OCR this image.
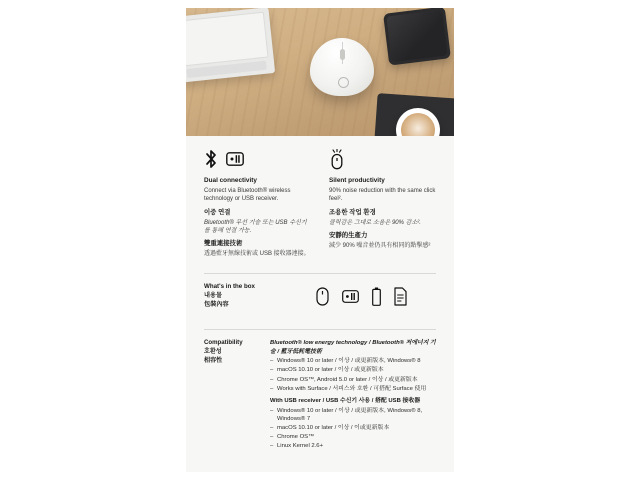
Dual connectivity
Connect via Bluetooth® wireless technology or USB receiver.
이중 연결
Bluetooth® 무선 기술 또는 USB 수신기를 통해 연결 가능.
雙重連接技術
透過藍牙無線技術或 USB 接收器連接。
Silent productivity
90% noise reduction with the same click feel².
조용한 작업 환경
클릭감은 그대로 소음은 90% 감소².
安靜的生產力
減少 90% 噪音並仍具有相同的點擊感²
What's in the box
내용물
包裝內容
Compatibility
호환성
相容性
Bluetooth® low energy technology / Bluetooth® 저에너지 기술 / 藍牙低耗電技術
– Windows® 10 or later / 이상 / 或更新版本, Windows® 8
– macOS 10.10 or later / 이상 / 或更新版本
– Chrome OS™, Android 5.0 or later / 이상 / 或更新版本
– Works with Surface / 서피스와 호환 / 可搭配 Surface 使用
With USB receiver / USB 수신기 사용 / 搭配 USB 接收器
– Windows® 10 or later / 이상 / 或更新版本, Windows® 8, Windows® 7
– macOS 10.10 or later / 이상 / 이或更新版本
– Chrome OS™
– Linux Kernel 2.6+
